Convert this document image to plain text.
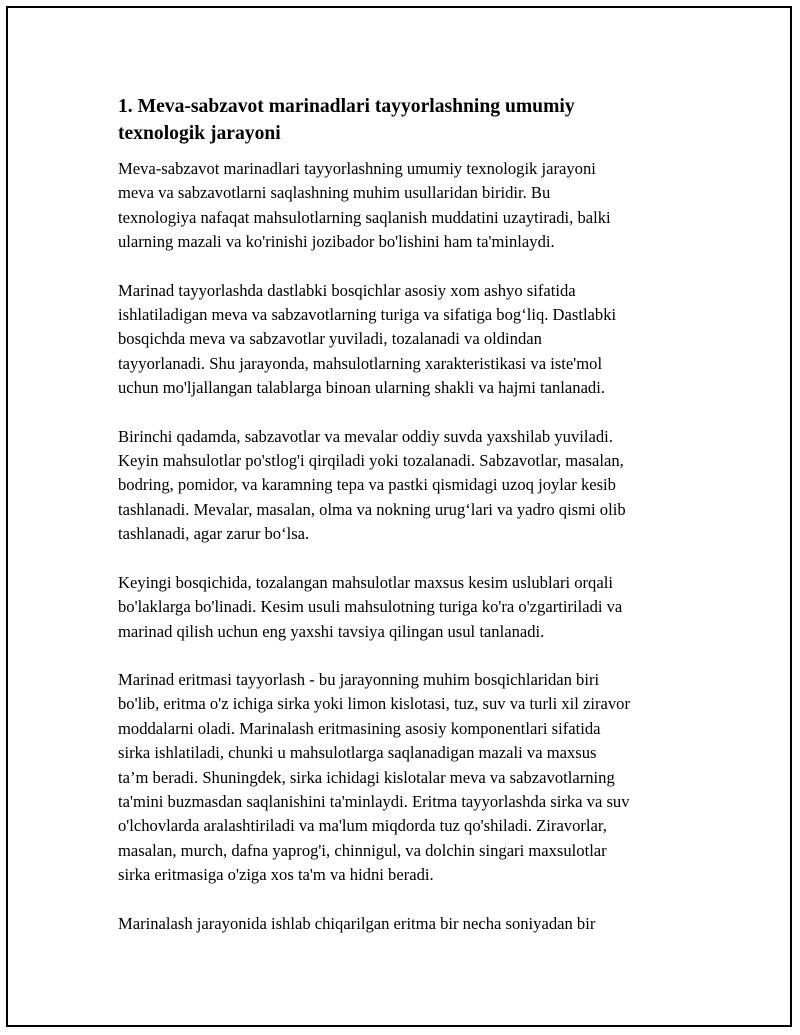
1. Meva-sabzavot marinadlari tayyorlashning umumiy
texnologik jarayoni

Meva-sabzavot marinadlari tayyorlashning umumiy texnologik jarayoni
meva va sabzavotlarni saqlashning muhim usullaridan biridir. Bu
texnologiya nafaqat mahsulotlarning saqlanish muddatini uzaytiradi, balki
ularning mazali va ko'rinishi jozibador bo'lishini ham ta'minlaydi.

Marinad tayyorlashda dastlabki bosqichlar asosiy xom ashyo sifatida
ishlatiladigan meva va sabzavotlarning turiga va sifatiga bog‘liq. Dastlabki
bosqichda meva va sabzavotlar yuviladi, tozalanadi va oldindan
tayyorlanadi. Shu jarayonda, mahsulotlarning xarakteristikasi va iste'mol
uchun mo'ljallangan talablarga binoan ularning shakli va hajmi tanlanadi.

Birinchi qadamda, sabzavotlar va mevalar oddiy suvda yaxshilab yuviladi.
Keyin mahsulotlar po'stlog'i qirqiladi yoki tozalanadi. Sabzavotlar, masalan,
bodring, pomidor, va karamning tepa va pastki qismidagi uzoq joylar kesib
tashlanadi. Mevalar, masalan, olma va nokning urug‘lari va yadro qismi olib
tashlanadi, agar zarur bo‘lsa.

Keyingi bosqichida, tozalangan mahsulotlar maxsus kesim uslublari orqali
bo'laklarga bo'linadi. Kesim usuli mahsulotning turiga ko'ra o'zgartiriladi va
marinad qilish uchun eng yaxshi tavsiya qilingan usul tanlanadi.

Marinad eritmasi tayyorlash - bu jarayonning muhim bosqichlaridan biri
bo'lib, eritma o'z ichiga sirka yoki limon kislotasi, tuz, suv va turli xil ziravor
moddalarni oladi. Marinalash eritmasining asosiy komponentlari sifatida
sirka ishlatiladi, chunki u mahsulotlarga saqlanadigan mazali va maxsus
ta’m beradi. Shuningdek, sirka ichidagi kislotalar meva va sabzavotlarning
ta'mini buzmasdan saqlanishini ta'minlaydi. Eritma tayyorlashda sirka va suv
o'lchovlarda aralashtiriladi va ma'lum miqdorda tuz qo'shiladi. Ziravorlar,
masalan, murch, dafna yaprog'i, chinnigul, va dolchin singari maxsulotlar
sirka eritmasiga o'ziga xos ta'm va hidni beradi.

Marinalash jarayonida ishlab chiqarilgan eritma bir necha soniyadan bir
